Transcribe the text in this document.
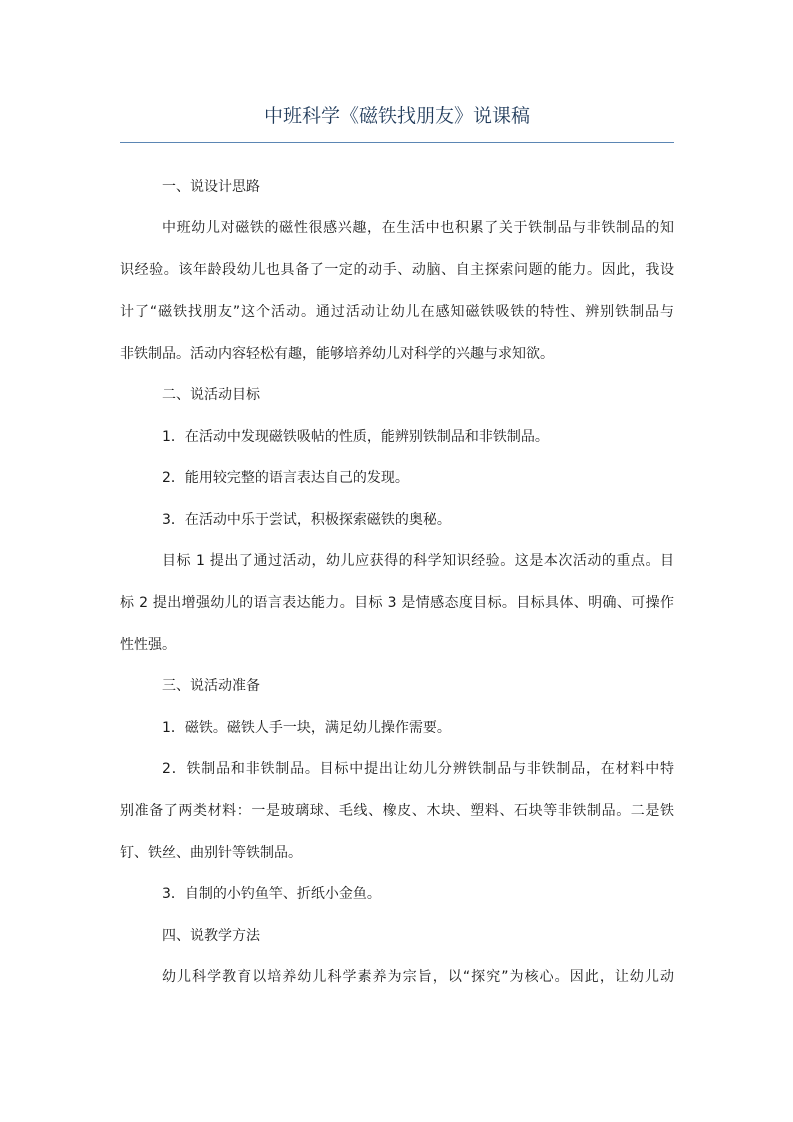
中班科学《磁铁找朋友》说课稿
一、说设计思路
中班幼儿对磁铁的磁性很感兴趣，在生活中也积累了关于铁制品与非铁制品的知
识经验。该年龄段幼儿也具备了一定的动手、动脑、自主探索问题的能力。因此，我设
计了“磁铁找朋友”这个活动。通过活动让幼儿在感知磁铁吸铁的特性、辨别铁制品与
非铁制品。活动内容轻松有趣，能够培养幼儿对科学的兴趣与求知欲。
二、说活动目标
1．在活动中发现磁铁吸帖的性质，能辨别铁制品和非铁制品。
2．能用较完整的语言表达自己的发现。
3．在活动中乐于尝试，积极探索磁铁的奥秘。
目标 1 提出了通过活动，幼儿应获得的科学知识经验。这是本次活动的重点。目
标 2 提出增强幼儿的语言表达能力。目标 3 是情感态度目标。目标具体、明确、可操作
性性强。
三、说活动准备
1．磁铁。磁铁人手一块，满足幼儿操作需要。
2．铁制品和非铁制品。目标中提出让幼儿分辨铁制品与非铁制品，在材料中特
别准备了两类材料：一是玻璃球、毛线、橡皮、木块、塑料、石块等非铁制品。二是铁
钉、铁丝、曲别针等铁制品。
3．自制的小钓鱼竿、折纸小金鱼。
四、说教学方法
幼儿科学教育以培养幼儿科学素养为宗旨，以“探究”为核心。因此，让幼儿动
